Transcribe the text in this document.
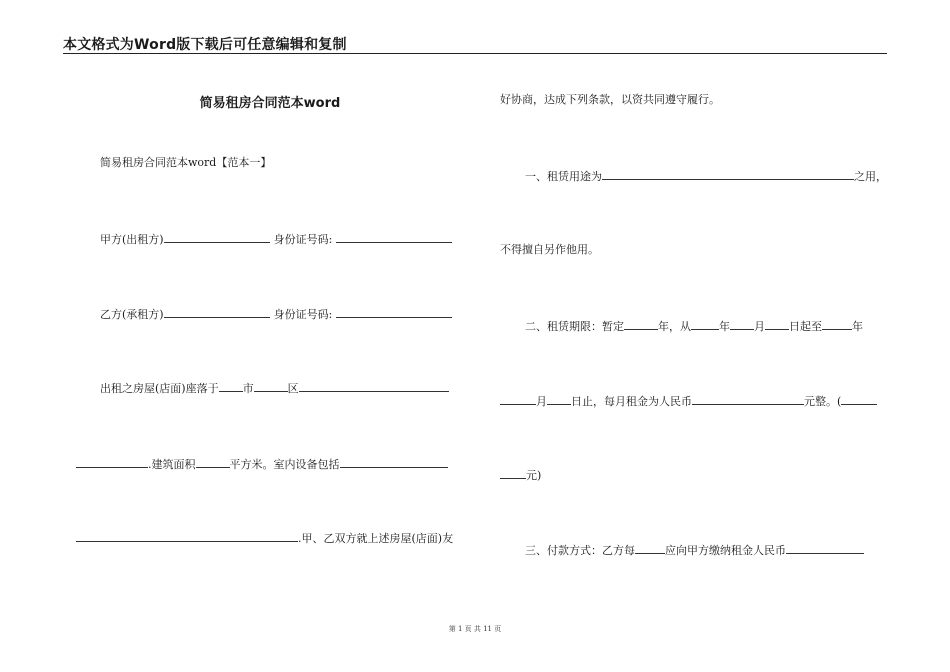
本文格式为Word版下载后可任意编辑和复制
简易租房合同范本word
简易租房合同范本word【范本一】
甲方(出租方)	身份证号码:
乙方(承租方)	身份证号码:
出租之房屋(店面)座落于 市	区
.建筑面积	平方米。室内设备包括
.甲、乙双方就上述房屋(店面)友
好协商，达成下列条款，以资共同遵守履行。
一、租赁用途为	之用，
不得擅自另作他用。
二、租赁期限：暂定	年，从	年 月 日起至	年
月 日止，每月租金为人民币	元整。(
元)
三、付款方式：乙方每	应向甲方缴纳租金人民币
第 1 页 共 11 页
